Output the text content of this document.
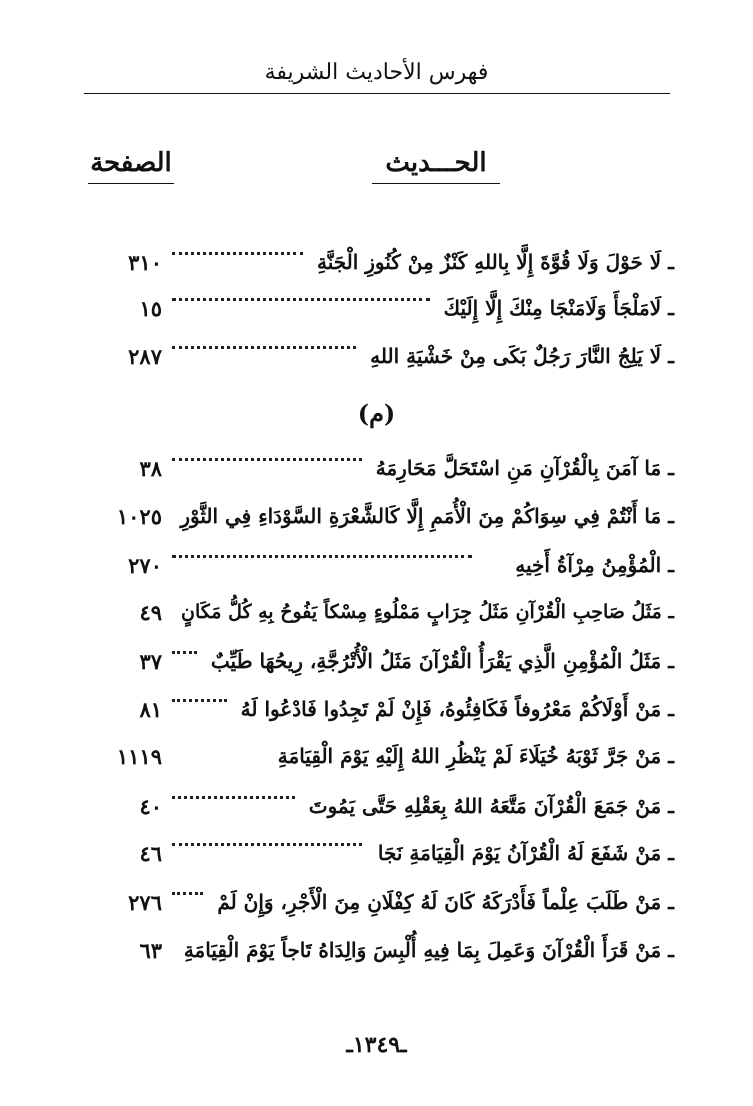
فهرس الأحاديث الشريفة
الحـــديث
الصفحة
٣١٠	ـ لَا حَوْلَ وَلَا قُوَّةَ إِلَّا بِاللهِ كَنْزٌ مِنْ كُنُوزِ الْجَنَّةِ
١٥	ـ لَامَلْجَأَ وَلَامَنْجَا مِنْكَ إِلَّا إِلَيْكَ
٢٨٧	ـ لَا يَلِجُ النَّارَ رَجُلٌ بَكَى مِنْ خَشْيَةِ اللهِ
(م)
٣٨	ـ مَا آمَنَ بِالْقُرْآنِ مَنِ اسْتَحَلَّ مَحَارِمَهُ
١٠٢٥ ـ مَا أَنْتُمْ فِي سِوَاكُمْ مِنَ الْأُمَمِ إِلَّا كَالشَّعْرَةِ السَّوْدَاءِ فِي الثَّوْرِ
٢٧٠	ـ الْمُؤْمِنُ مِرْآةُ أَخِيهِ
٤٩ ـ مَثَلُ صَاحِبِ الْقُرْآنِ مَثَلُ جِرَابٍ مَمْلُوءٍ مِسْكاً يَفُوحُ بِهِ كُلُّ مَكَانٍ
٣٧ ـ مَثَلُ الْمُؤْمِنِ الَّذِي يَقْرَأُ الْقُرْآنَ مَثَلُ الْأُتْرُجَّةِ، رِيحُهَا طَيِّبٌ
٨١	ـ مَنْ أَوْلَاكُمْ مَعْرُوفاً فَكَافِئُوهُ، فَإِنْ لَمْ تَجِدُوا فَادْعُوا لَهُ
١١١٩	ـ مَنْ جَرَّ ثَوْبَهُ خُيَلَاءَ لَمْ يَنْظُرِ اللهُ إِلَيْهِ يَوْمَ الْقِيَامَةِ
٤٠	ـ مَنْ جَمَعَ الْقُرْآنَ مَتَّعَهُ اللهُ بِعَقْلِهِ حَتَّى يَمُوتَ
٤٦	ـ مَنْ شَفَعَ لَهُ الْقُرْآنُ يَوْمَ الْقِيَامَةِ نَجَا
٢٧٦	ـ مَنْ طَلَبَ عِلْماً فَأَدْرَكَهُ كَانَ لَهُ كِفْلَانِ مِنَ الْأَجْرِ، وَإِنْ لَمْ
٦٣ ـ مَنْ قَرَأَ الْقُرْآنَ وَعَمِلَ بِمَا فِيهِ أُلْبِسَ وَالِدَاهُ تَاجاً يَوْمَ الْقِيَامَةِ
ـ١٣٤٩ـ
